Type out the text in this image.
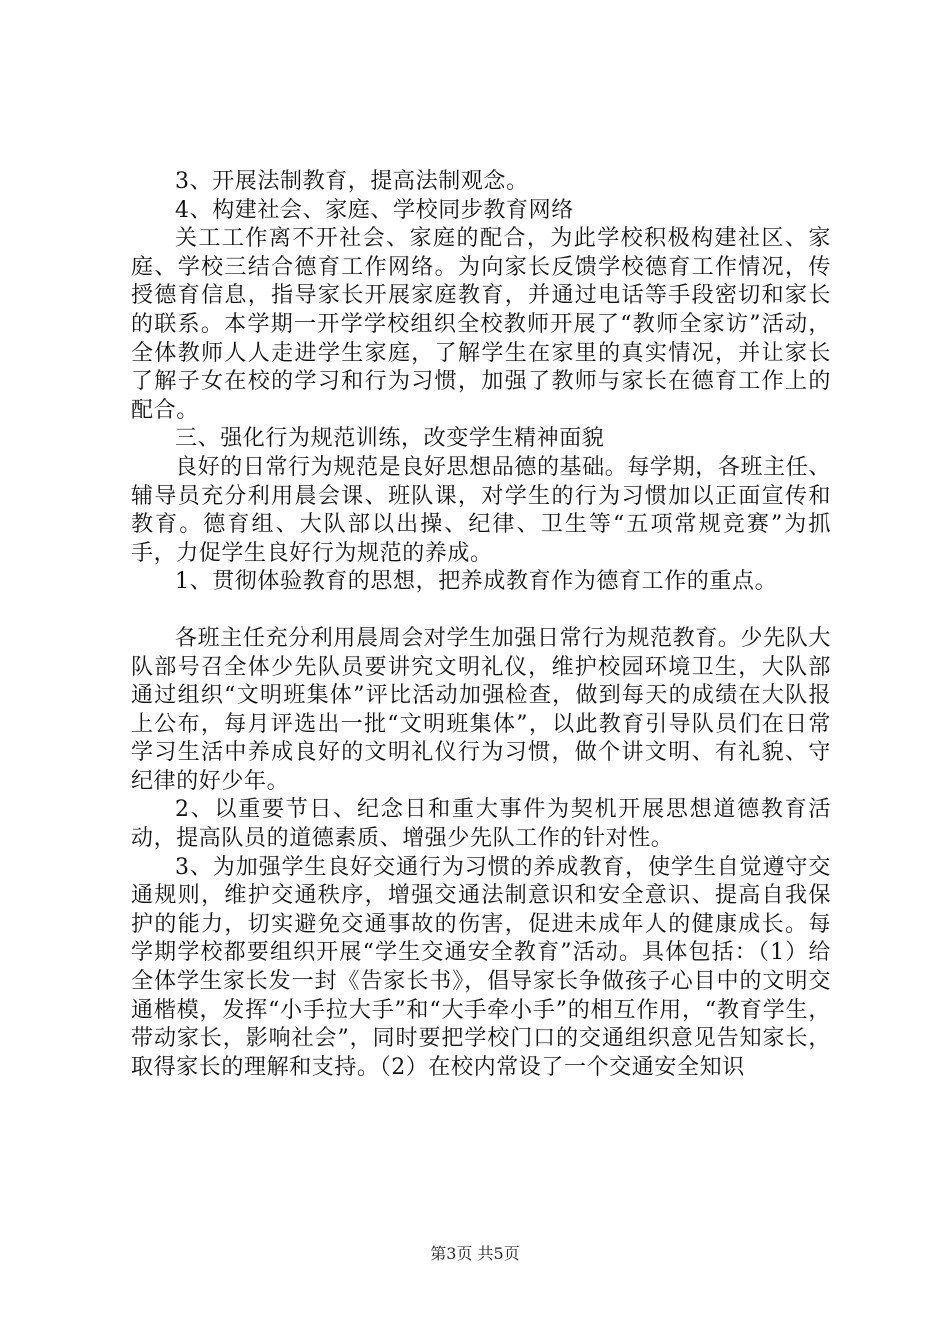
3、开展法制教育，提高法制观念。

4、构建社会、家庭、学校同步教育网络

关工工作离不开社会、家庭的配合，为此学校积极构建社区、家庭、学校三结合德育工作网络。为向家长反馈学校德育工作情况，传授德育信息，指导家长开展家庭教育，并通过电话等手段密切和家长的联系。本学期一开学学校组织全校教师开展了“教师全家访”活动，全体教师人人走进学生家庭，了解学生在家里的真实情况，并让家长了解子女在校的学习和行为习惯，加强了教师与家长在德育工作上的配合。

三、强化行为规范训练，改变学生精神面貌

良好的日常行为规范是良好思想品德的基础。每学期，各班主任、辅导员充分利用晨会课、班队课，对学生的行为习惯加以正面宣传和教育。德育组、大队部以出操、纪律、卫生等“五项常规竞赛”为抓手，力促学生良好行为规范的养成。

1、贯彻体验教育的思想，把养成教育作为德育工作的重点。

各班主任充分利用晨周会对学生加强日常行为规范教育。少先队大队部号召全体少先队员要讲究文明礼仪，维护校园环境卫生，大队部通过组织“文明班集体”评比活动加强检查，做到每天的成绩在大队报上公布，每月评选出一批“文明班集体”，以此教育引导队员们在日常学习生活中养成良好的文明礼仪行为习惯，做个讲文明、有礼貌、守纪律的好少年。

2、以重要节日、纪念日和重大事件为契机开展思想道德教育活动，提高队员的道德素质、增强少先队工作的针对性。

3、为加强学生良好交通行为习惯的养成教育，使学生自觉遵守交通规则，维护交通秩序，增强交通法制意识和安全意识、提高自我保护的能力，切实避免交通事故的伤害，促进未成年人的健康成长。每学期学校都要组织开展“学生交通安全教育”活动。具体包括：（1）给全体学生家长发一封《告家长书》，倡导家长争做孩子心目中的文明交通楷模，发挥“小手拉大手”和“大手牵小手”的相互作用，“教育学生，带动家长，影响社会”，同时要把学校门口的交通组织意见告知家长，取得家长的理解和支持。（2）在校内常设了一个交通安全知识

第3页 共5页
